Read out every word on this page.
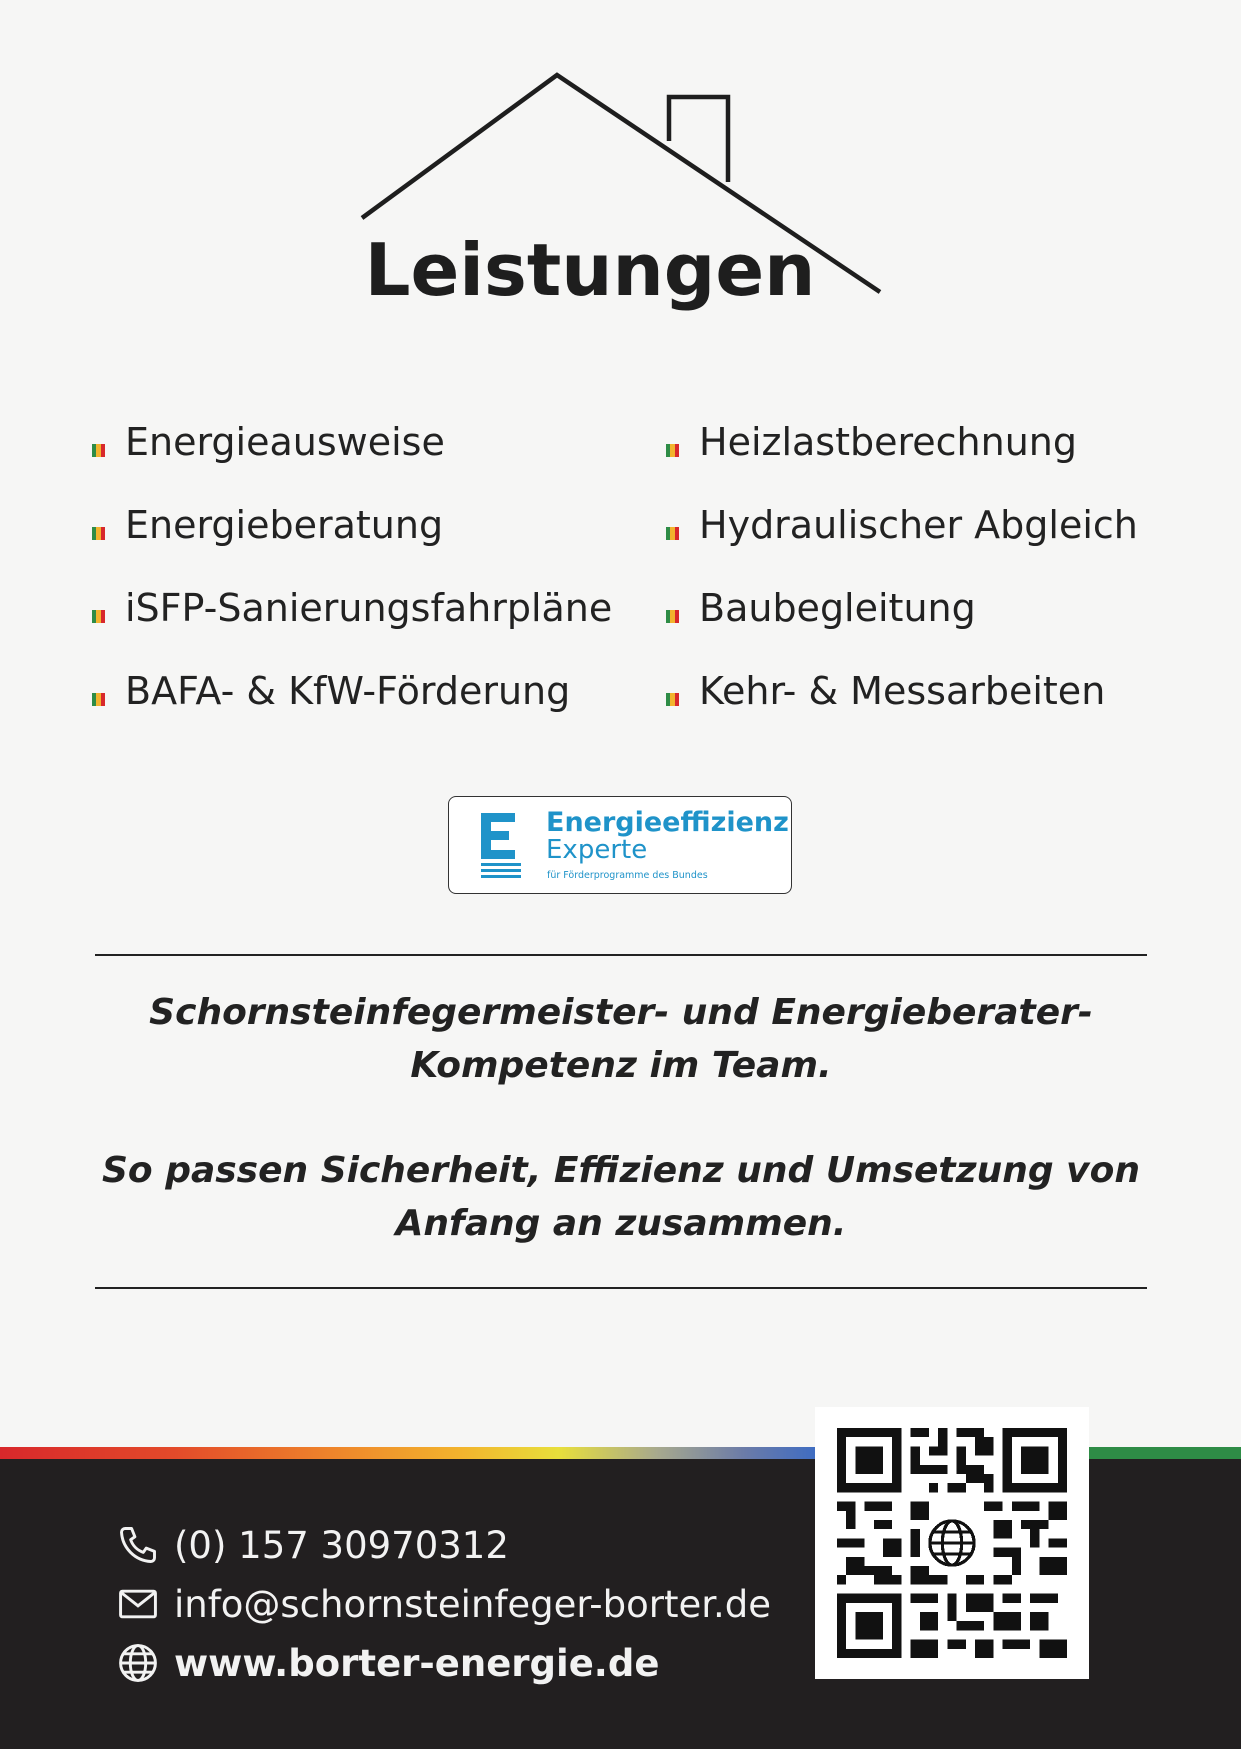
Leistungen
Energieausweise
Energieberatung
iSFP-Sanierungsfahrpläne
BAFA- & KfW-Förderung
Heizlastberechnung
Hydraulischer Abgleich
Baubegleitung
Kehr- & Messarbeiten
Energieeffizienz
Experte
für Förderprogramme des Bundes

Schornsteinfegermeister- und Energieberater-
Kompetenz im Team.

So passen Sicherheit, Effizienz und Umsetzung von
Anfang an zusammen.

(0) 157 30970312
info@schornsteinfeger-borter.de
www.borter-energie.de
